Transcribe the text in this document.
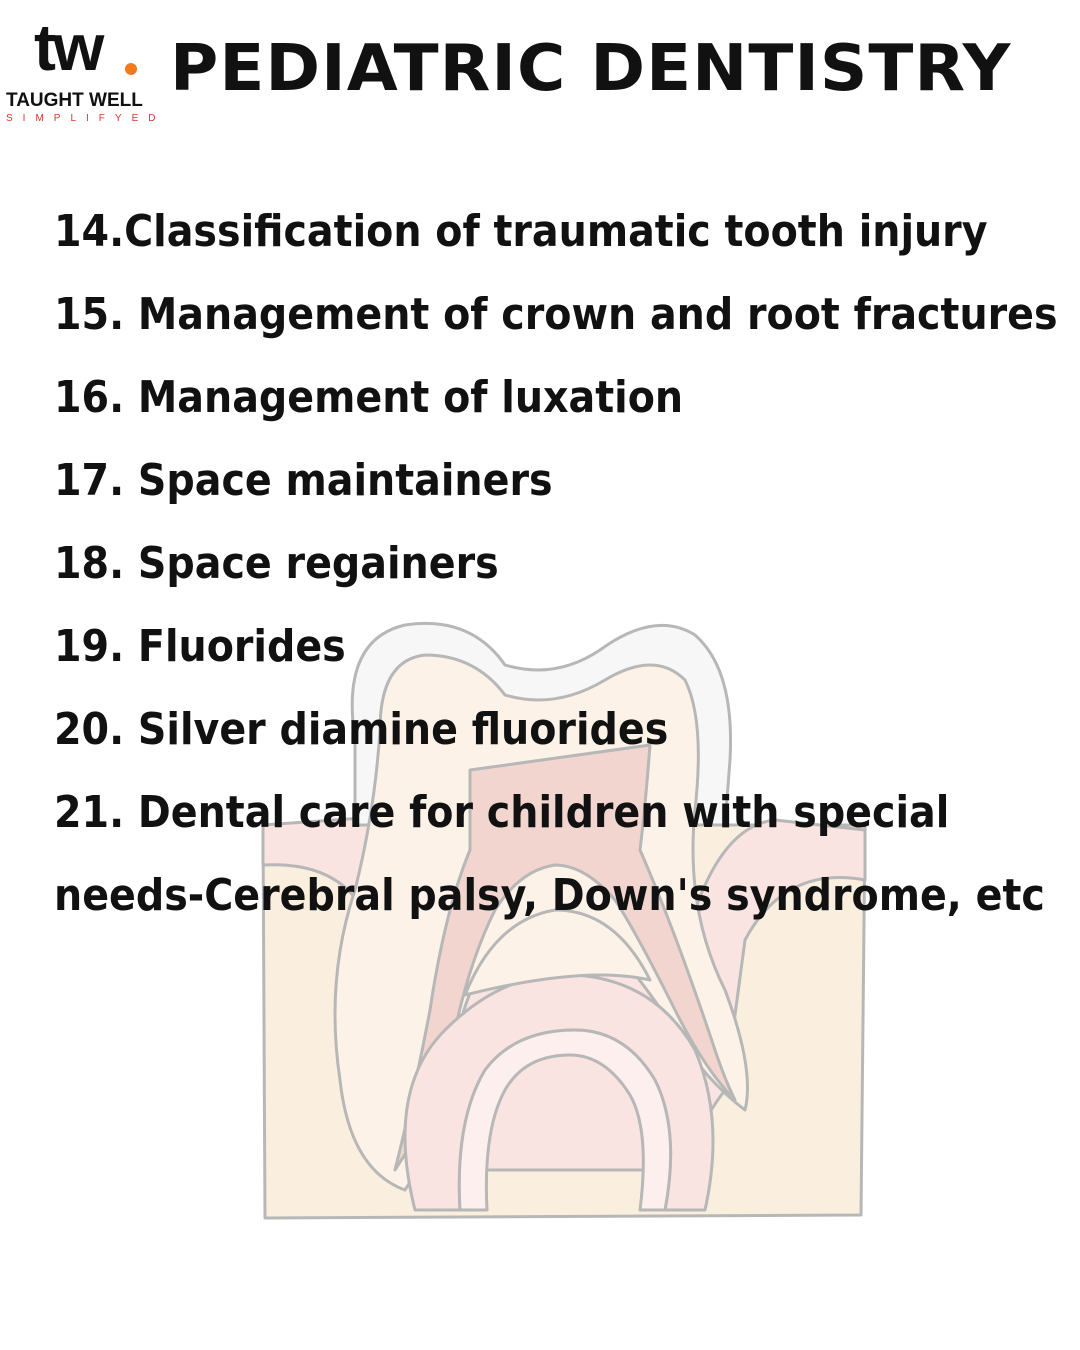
tw
TAUGHT WELL
SIMPLIFYED
PEDIATRIC DENTISTRY
14.Classification of traumatic tooth injury
15. Management of crown and root fractures
16. Management of luxation
17. Space maintainers
18. Space regainers
19. Fluorides
20. Silver diamine fluorides
21. Dental care for children with special
needs-Cerebral palsy, Down's syndrome, etc
